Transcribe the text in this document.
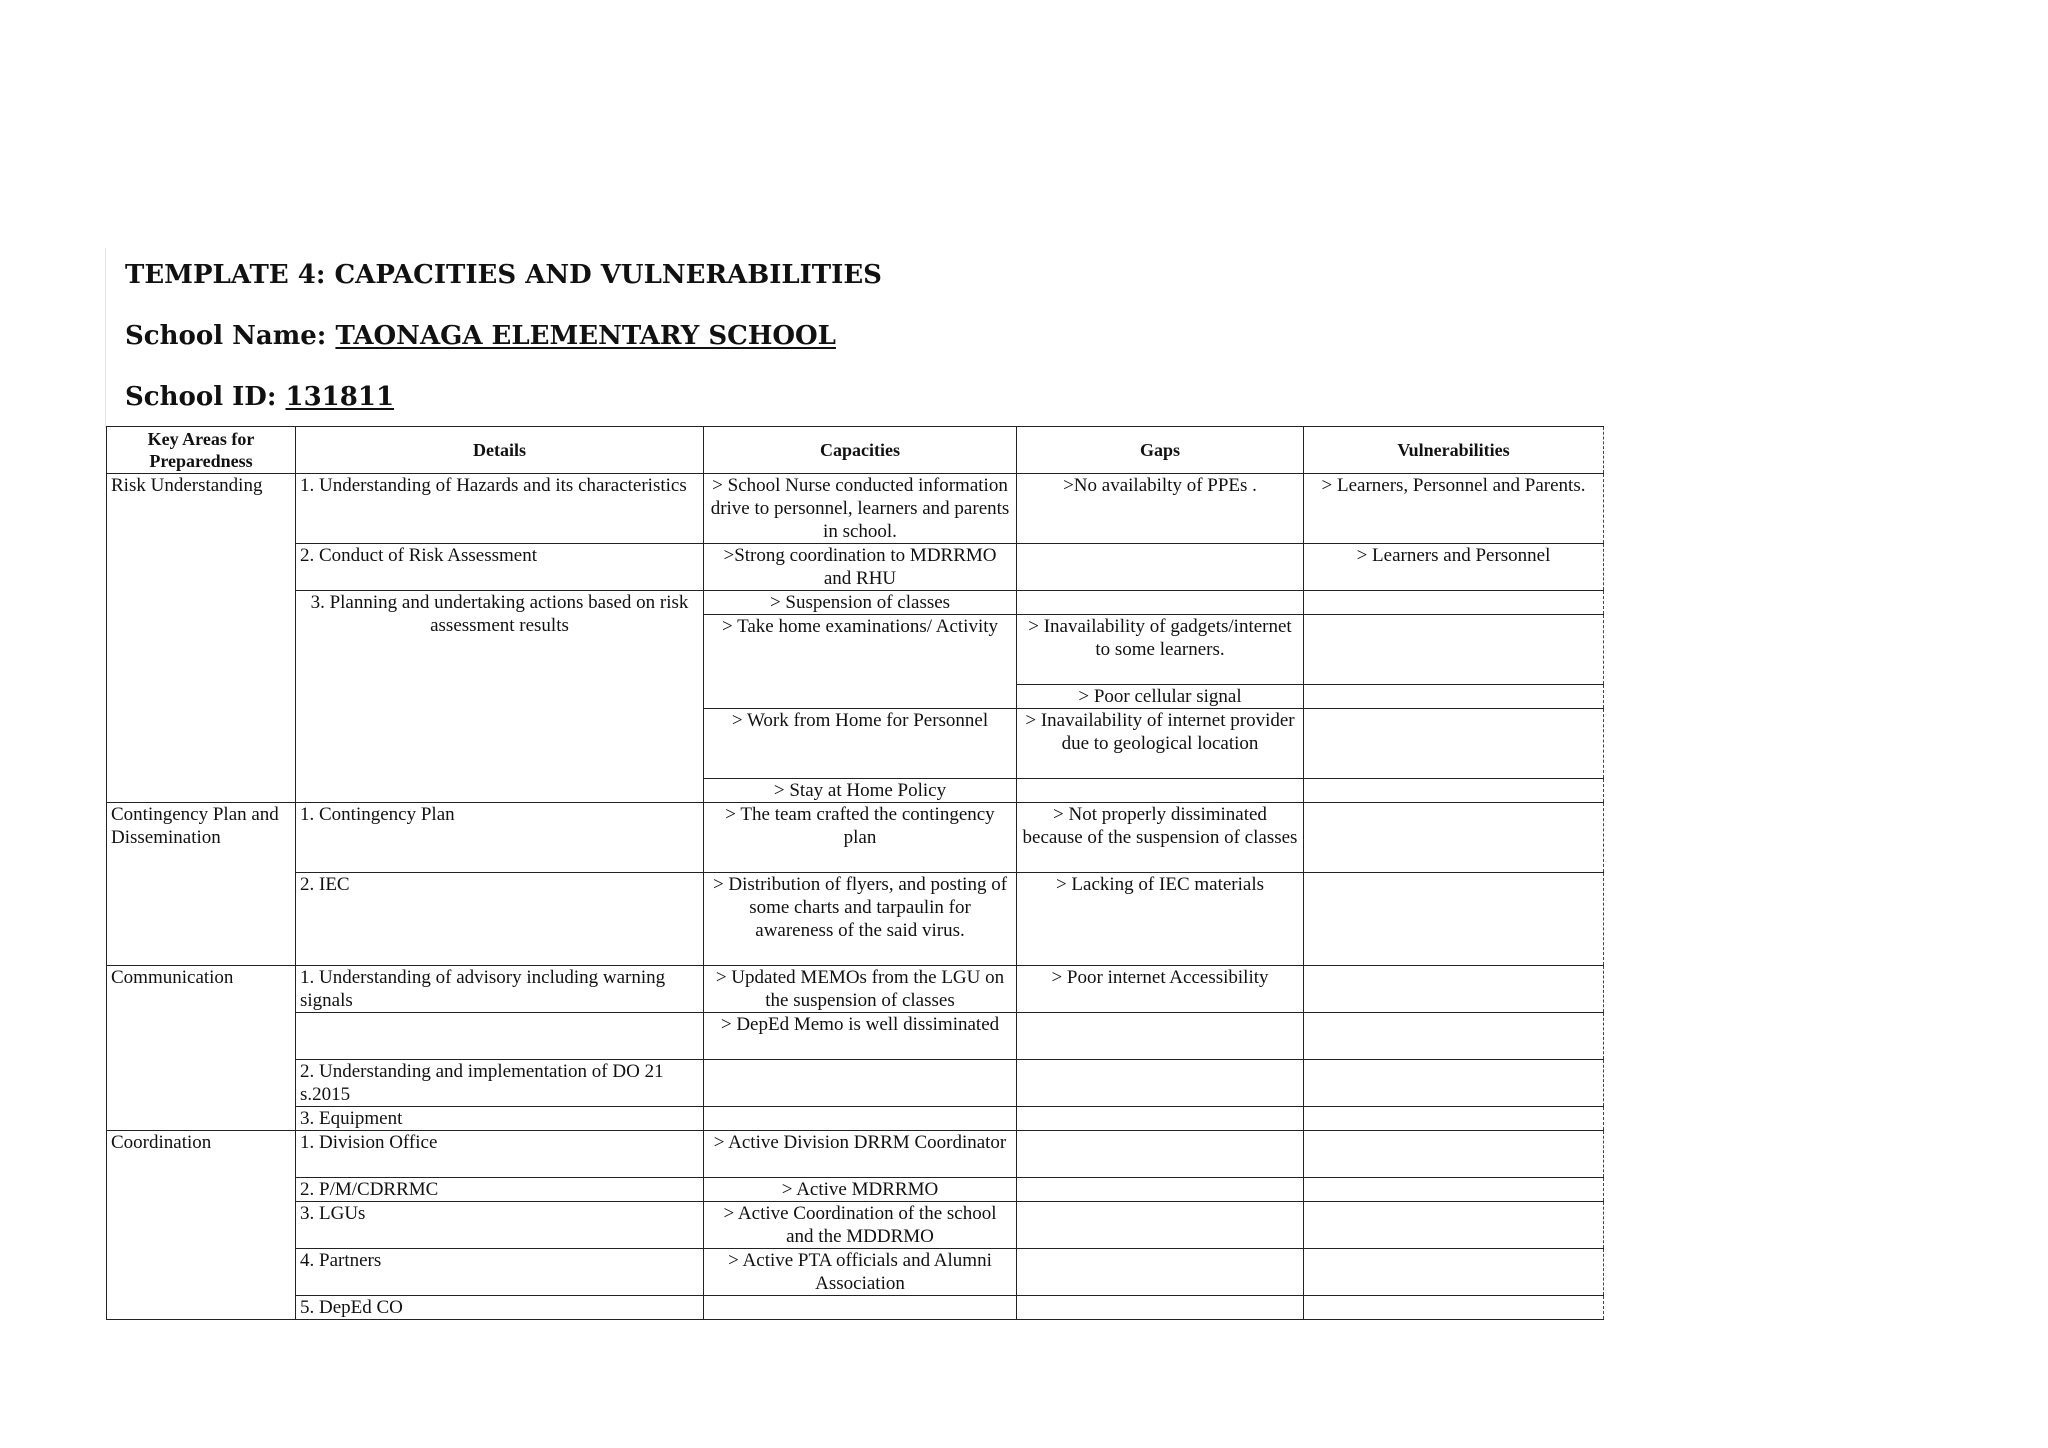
TEMPLATE 4: CAPACITIES AND VULNERABILITIES
School Name: TAONAGA ELEMENTARY SCHOOL
School ID: 131811
Key Areas for Preparedness	Details	Capacities	Gaps	Vulnerabilities
Risk Understanding	1. Understanding of Hazards and its characteristics	> School Nurse conducted information drive to personnel, learners and parents in school.	>No availabilty of PPEs .	> Learners, Personnel and Parents.
	2. Conduct of Risk Assessment	>Strong coordination to MDRRMO and RHU		> Learners and Personnel
	3. Planning and undertaking actions based on risk assessment results	> Suspension of classes		
		> Take home examinations/ Activity	> Inavailability of gadgets/internet to some learners.	
			> Poor cellular signal	
		> Work from Home for Personnel	> Inavailability of internet provider due to geological location	
		> Stay at Home Policy		

Contingency Plan and Dissemination	1. Contingency Plan	> The team crafted the contingency plan	> Not properly dissiminated because of the suspension of classes	
	2. IEC	> Distribution of flyers, and posting of some charts and tarpaulin for awareness of the said virus.	> Lacking of IEC materials	
Communication	1. Understanding of advisory including warning signals	> Updated MEMOs from the LGU on the suspension of classes	> Poor internet Accessibility	
		> DepEd Memo is well dissiminated		
	2. Understanding and implementation of DO 21 s.2015			
	3. Equipment			
Coordination	1. Division Office	> Active Division DRRM Coordinator		
	2. P/M/CDRRMC	> Active MDRRMO		
	3. LGUs	> Active Coordination of the school and the MDDRMO		
	4. Partners	> Active PTA officials and Alumni Association		
	5. DepEd CO			
